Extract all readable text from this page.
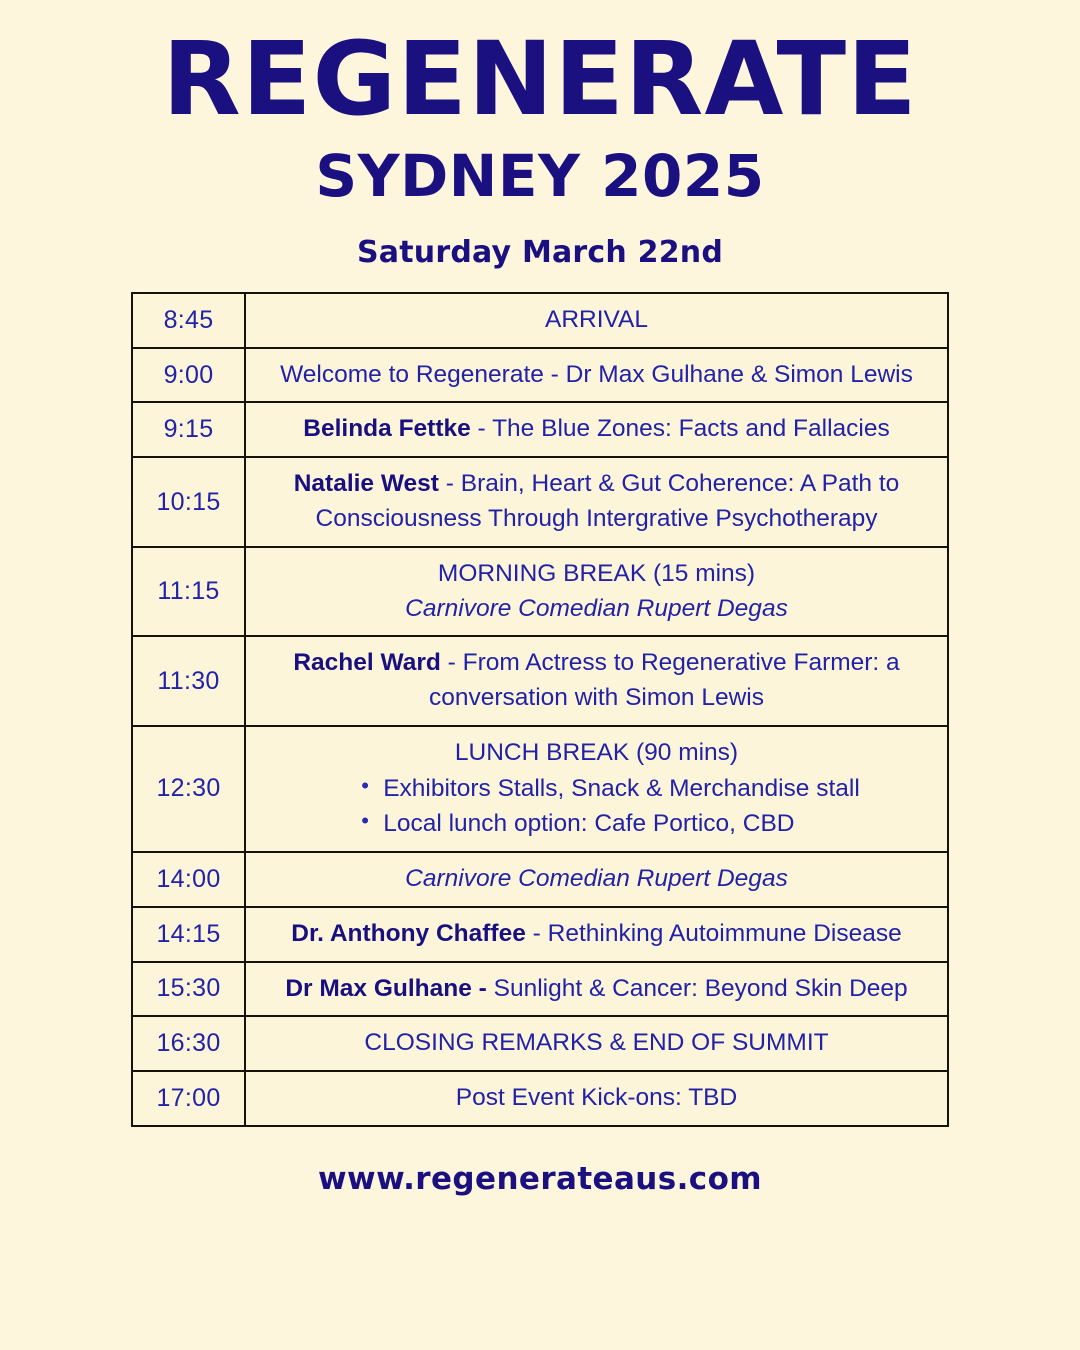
REGENERATE
SYDNEY 2025
Saturday March 22nd
8:45	ARRIVAL

9:00	Welcome to Regenerate - Dr Max Gulhane & Simon Lewis

9:15	Belinda Fettke - The Blue Zones: Facts and Fallacies

10:15	Natalie West - Brain, Heart & Gut Coherence: A Path to
Consciousness Through Intergrative Psychotherapy

11:15	MORNING BREAK (15 mins)
Carnivore Comedian Rupert Degas

11:30	Rachel Ward - From Actress to Regenerative Farmer: a
conversation with Simon Lewis

12:30	
LUNCH BREAK (90 mins)
• Exhibitors Stalls, Snack & Merchandise stall
• Local lunch option: Cafe Portico, CBD

14:00	Carnivore Comedian Rupert Degas

14:15	Dr. Anthony Chaffee - Rethinking Autoimmune Disease

15:30	Dr Max Gulhane - Sunlight & Cancer: Beyond Skin Deep

16:30	CLOSING REMARKS & END OF SUMMIT

17:00	Post Event Kick-ons: TBD
www.regenerateaus.com
